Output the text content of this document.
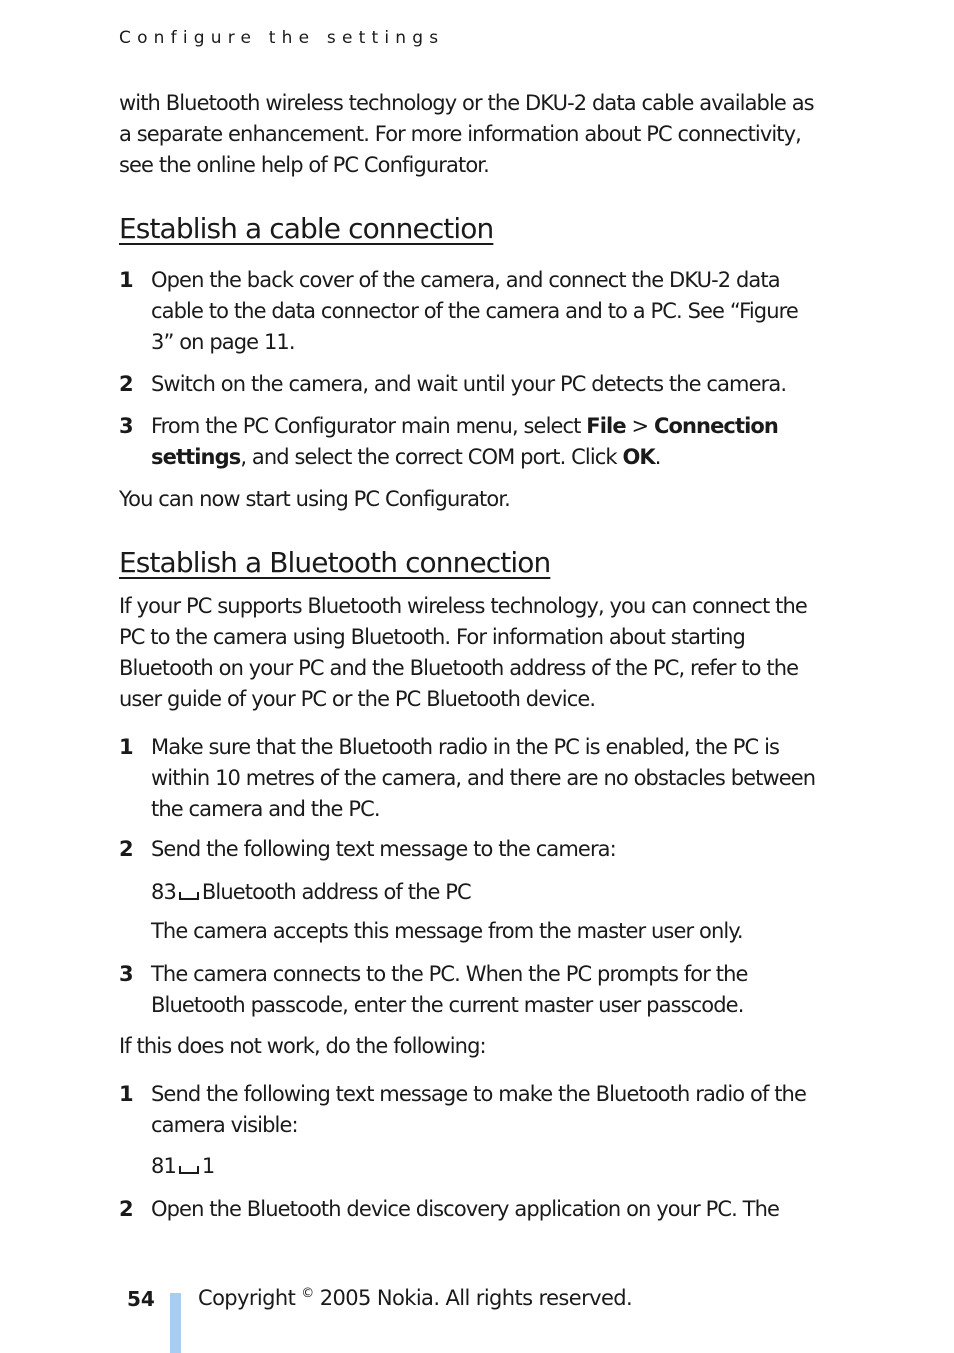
Configure the settings

with Bluetooth wireless technology or the DKU-2 data cable available as a separate enhancement. For more information about PC connectivity, see the online help of PC Configurator.

Establish a cable connection
1 Open the back cover of the camera, and connect the DKU-2 data cable to the data connector of the camera and to a PC. See “Figure 3” on page 11.
2 Switch on the camera, and wait until your PC detects the camera.
3 From the PC Configurator main menu, select File > Connection settings, and select the correct COM port. Click OK.

You can now start using PC Configurator.

Establish a Bluetooth connection

If your PC supports Bluetooth wireless technology, you can connect the PC to the camera using Bluetooth. For information about starting Bluetooth on your PC and the Bluetooth address of the PC, refer to the user guide of your PC or the PC Bluetooth device.

1 Make sure that the Bluetooth radio in the PC is enabled, the PC is within 10 metres of the camera, and there are no obstacles between the camera and the PC.
2 Send the following text message to the camera:
83 Bluetooth address of the PC
The camera accepts this message from the master user only.
3 The camera connects to the PC. When the PC prompts for the Bluetooth passcode, enter the current master user passcode.

If this does not work, do the following:

1 Send the following text message to make the Bluetooth radio of the camera visible:
81 1
2 Open the Bluetooth device discovery application on your PC. The
54 Copyright © 2005 Nokia. All rights reserved.
